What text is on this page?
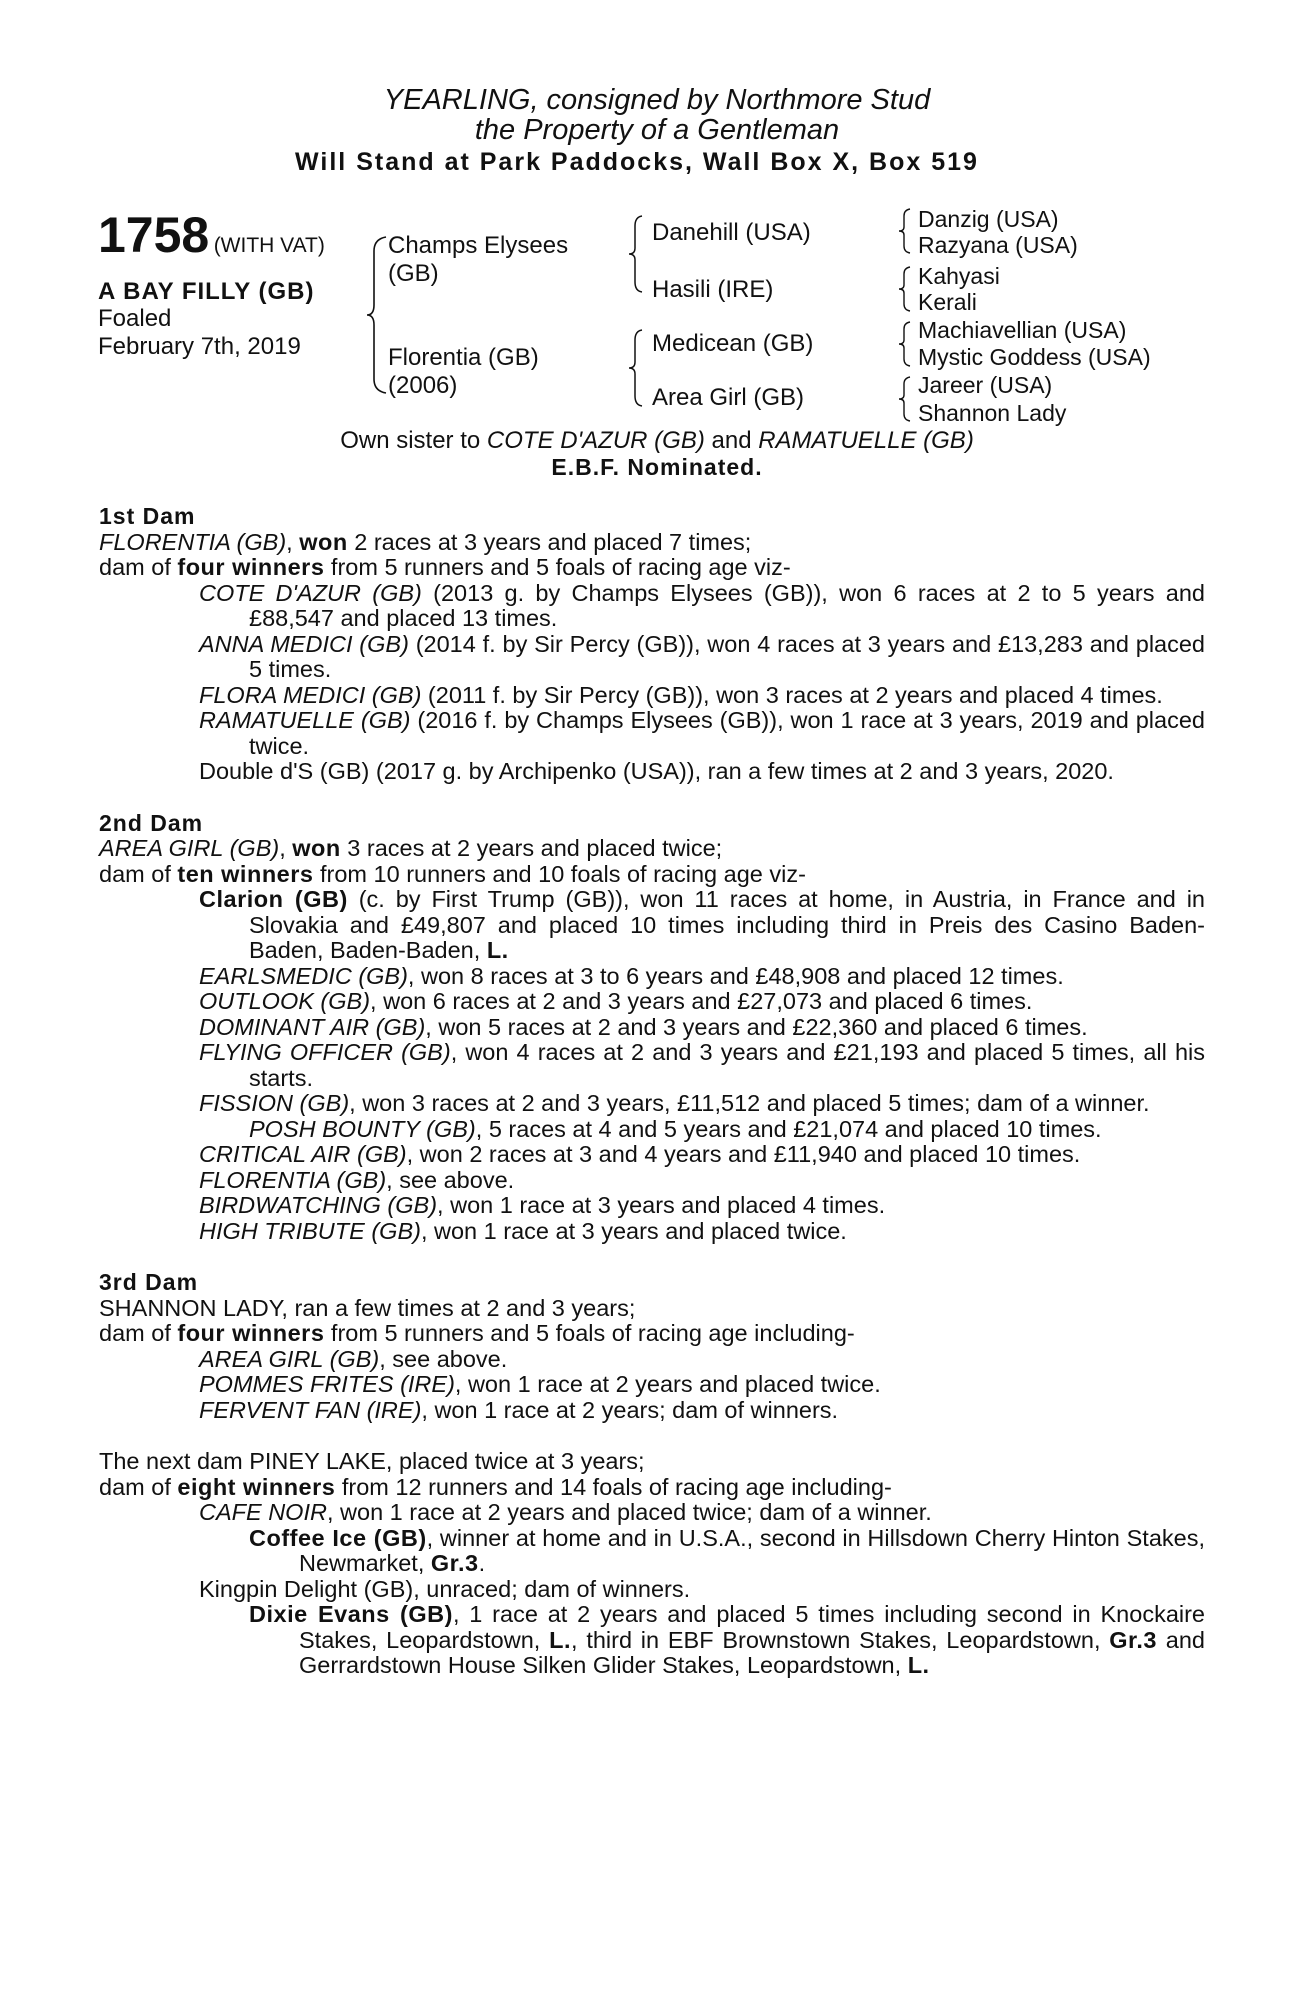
YEARLING, consigned by Northmore Stud
the Property of a Gentleman
Will Stand at Park Paddocks, Wall Box X, Box 519
1758 (WITH VAT)
A BAY FILLY (GB)
Foaled
February 7th, 2019
Champs Elysees
(GB)
Florentia (GB)
(2006)
Danehill (USA)
Hasili (IRE)
Medicean (GB)
Area Girl (GB)
Danzig (USA)
Razyana (USA)
Kahyasi
Kerali
Machiavellian (USA)
Mystic Goddess (USA)
Jareer (USA)
Shannon Lady
Own sister to COTE D'AZUR (GB) and RAMATUELLE (GB)
E.B.F. Nominated.
1st Dam
FLORENTIA (GB), won 2 races at 3 years and placed 7 times;
dam of four winners from 5 runners and 5 foals of racing age viz-
COTE D'AZUR (GB) (2013 g. by Champs Elysees (GB)), won 6 races at 2 to 5 years and £88,547 and placed 13 times.
ANNA MEDICI (GB) (2014 f. by Sir Percy (GB)), won 4 races at 3 years and £13,283 and placed 5 times.
FLORA MEDICI (GB) (2011 f. by Sir Percy (GB)), won 3 races at 2 years and placed 4 times.
RAMATUELLE (GB) (2016 f. by Champs Elysees (GB)), won 1 race at 3 years, 2019 and placed twice.
Double d'S (GB) (2017 g. by Archipenko (USA)), ran a few times at 2 and 3 years, 2020.
2nd Dam
AREA GIRL (GB), won 3 races at 2 years and placed twice;
dam of ten winners from 10 runners and 10 foals of racing age viz-
Clarion (GB) (c. by First Trump (GB)), won 11 races at home, in Austria, in France and in Slovakia and £49,807 and placed 10 times including third in Preis des Casino Baden-Baden, Baden-Baden, L.
EARLSMEDIC (GB), won 8 races at 3 to 6 years and £48,908 and placed 12 times.
OUTLOOK (GB), won 6 races at 2 and 3 years and £27,073 and placed 6 times.
DOMINANT AIR (GB), won 5 races at 2 and 3 years and £22,360 and placed 6 times.
FLYING OFFICER (GB), won 4 races at 2 and 3 years and £21,193 and placed 5 times, all his starts.
FISSION (GB), won 3 races at 2 and 3 years, £11,512 and placed 5 times; dam of a winner.
POSH BOUNTY (GB), 5 races at 4 and 5 years and £21,074 and placed 10 times.
CRITICAL AIR (GB), won 2 races at 3 and 4 years and £11,940 and placed 10 times.
FLORENTIA (GB), see above.
BIRDWATCHING (GB), won 1 race at 3 years and placed 4 times.
HIGH TRIBUTE (GB), won 1 race at 3 years and placed twice.
3rd Dam
SHANNON LADY, ran a few times at 2 and 3 years;
dam of four winners from 5 runners and 5 foals of racing age including-
AREA GIRL (GB), see above.
POMMES FRITES (IRE), won 1 race at 2 years and placed twice.
FERVENT FAN (IRE), won 1 race at 2 years; dam of winners.
The next dam PINEY LAKE, placed twice at 3 years;
dam of eight winners from 12 runners and 14 foals of racing age including-
CAFE NOIR, won 1 race at 2 years and placed twice; dam of a winner.
Coffee Ice (GB), winner at home and in U.S.A., second in Hillsdown Cherry Hinton Stakes, Newmarket, Gr.3.
Kingpin Delight (GB), unraced; dam of winners.
Dixie Evans (GB), 1 race at 2 years and placed 5 times including second in Knockaire Stakes, Leopardstown, L., third in EBF Brownstown Stakes, Leopardstown, Gr.3 and Gerrardstown House Silken Glider Stakes, Leopardstown, L.
